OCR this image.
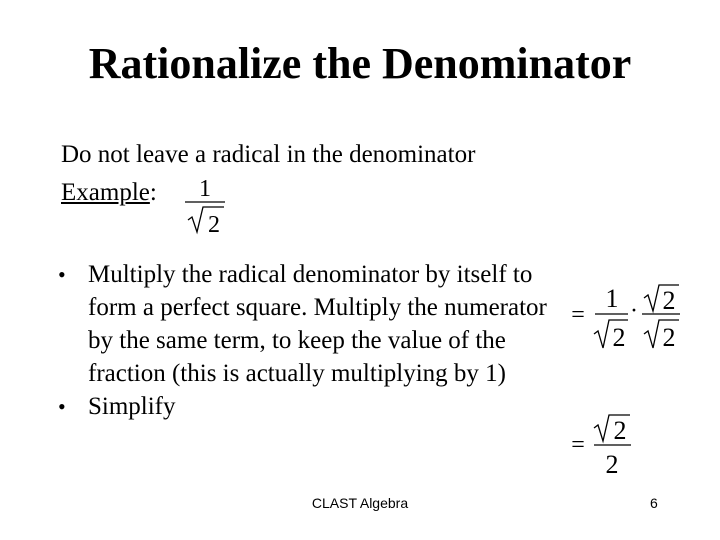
Rationalize the Denominator
Do not leave a radical in the denominator
Example: 1
2
• Multiply the radical denominator by itself to form a perfect square. Multiply the numerator by the same term, to keep the value of the fraction (this is actually multiplying by 1)
• Simplify
=
1
2
· 2
2
= 2
2
CLAST Algebra	6
